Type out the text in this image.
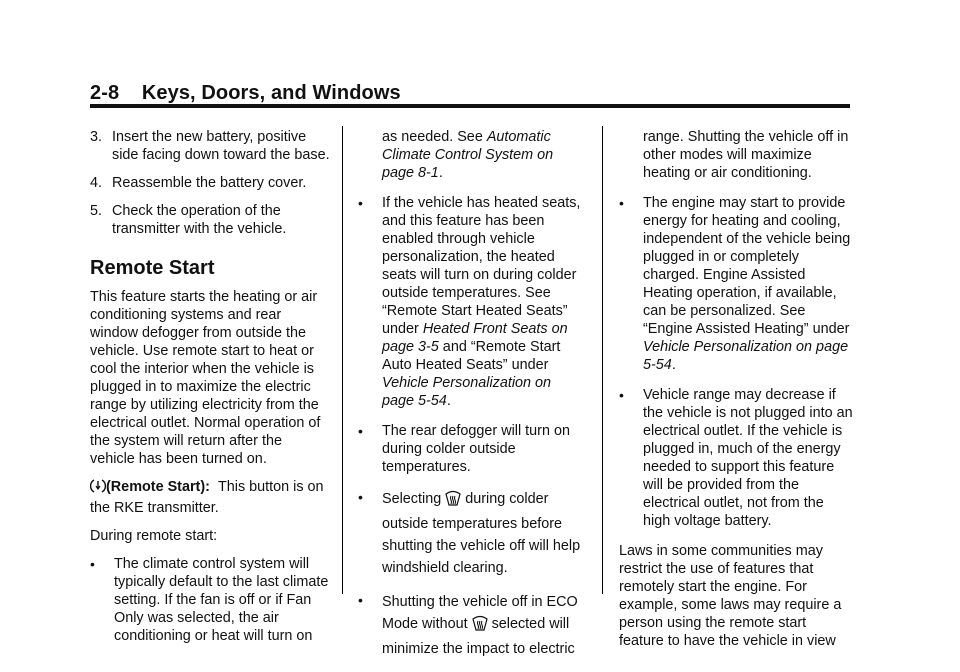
2-8    Keys, Doors, and Windows
3. Insert the new battery, positive side facing down toward the base.
4. Reassemble the battery cover.
5. Check the operation of the transmitter with the vehicle.
Remote Start

This feature starts the heating or air conditioning systems and rear window defogger from outside the vehicle. Use remote start to heat or cool the interior when the vehicle is plugged in to maximize the electric range by utilizing electricity from the electrical outlet. Normal operation of the system will return after the vehicle has been turned on.

(Remote Start): This button is on the RKE transmitter.

During remote start:

•	The climate control system will typically default to the last climate setting. If the fan is off or if Fan Only was selected, the air conditioning or heat will turn on

as needed. See Automatic Climate Control System on page 8-1.

•	If the vehicle has heated seats, and this feature has been enabled through vehicle personalization, the heated seats will turn on during colder outside temperatures. See “Remote Start Heated Seats” under Heated Front Seats on page 3-5 and “Remote Start Auto Heated Seats” under Vehicle Personalization on page 5-54.
•	The rear defogger will turn on during colder outside temperatures.
•	Selecting  during colder outside temperatures before shutting the vehicle off will help windshield clearing.
•	Shutting the vehicle off in ECO Mode without  selected will minimize the impact to electric

range. Shutting the vehicle off in other modes will maximize heating or air conditioning.

•	The engine may start to provide energy for heating and cooling, independent of the vehicle being plugged in or completely charged. Engine Assisted Heating operation, if available, can be personalized. See “Engine Assisted Heating” under Vehicle Personalization on page 5-54.
•	Vehicle range may decrease if the vehicle is not plugged into an electrical outlet. If the vehicle is plugged in, much of the energy needed to support this feature will be provided from the electrical outlet, not from the high voltage battery.

Laws in some communities may restrict the use of features that remotely start the engine. For example, some laws may require a person using the remote start feature to have the vehicle in view
